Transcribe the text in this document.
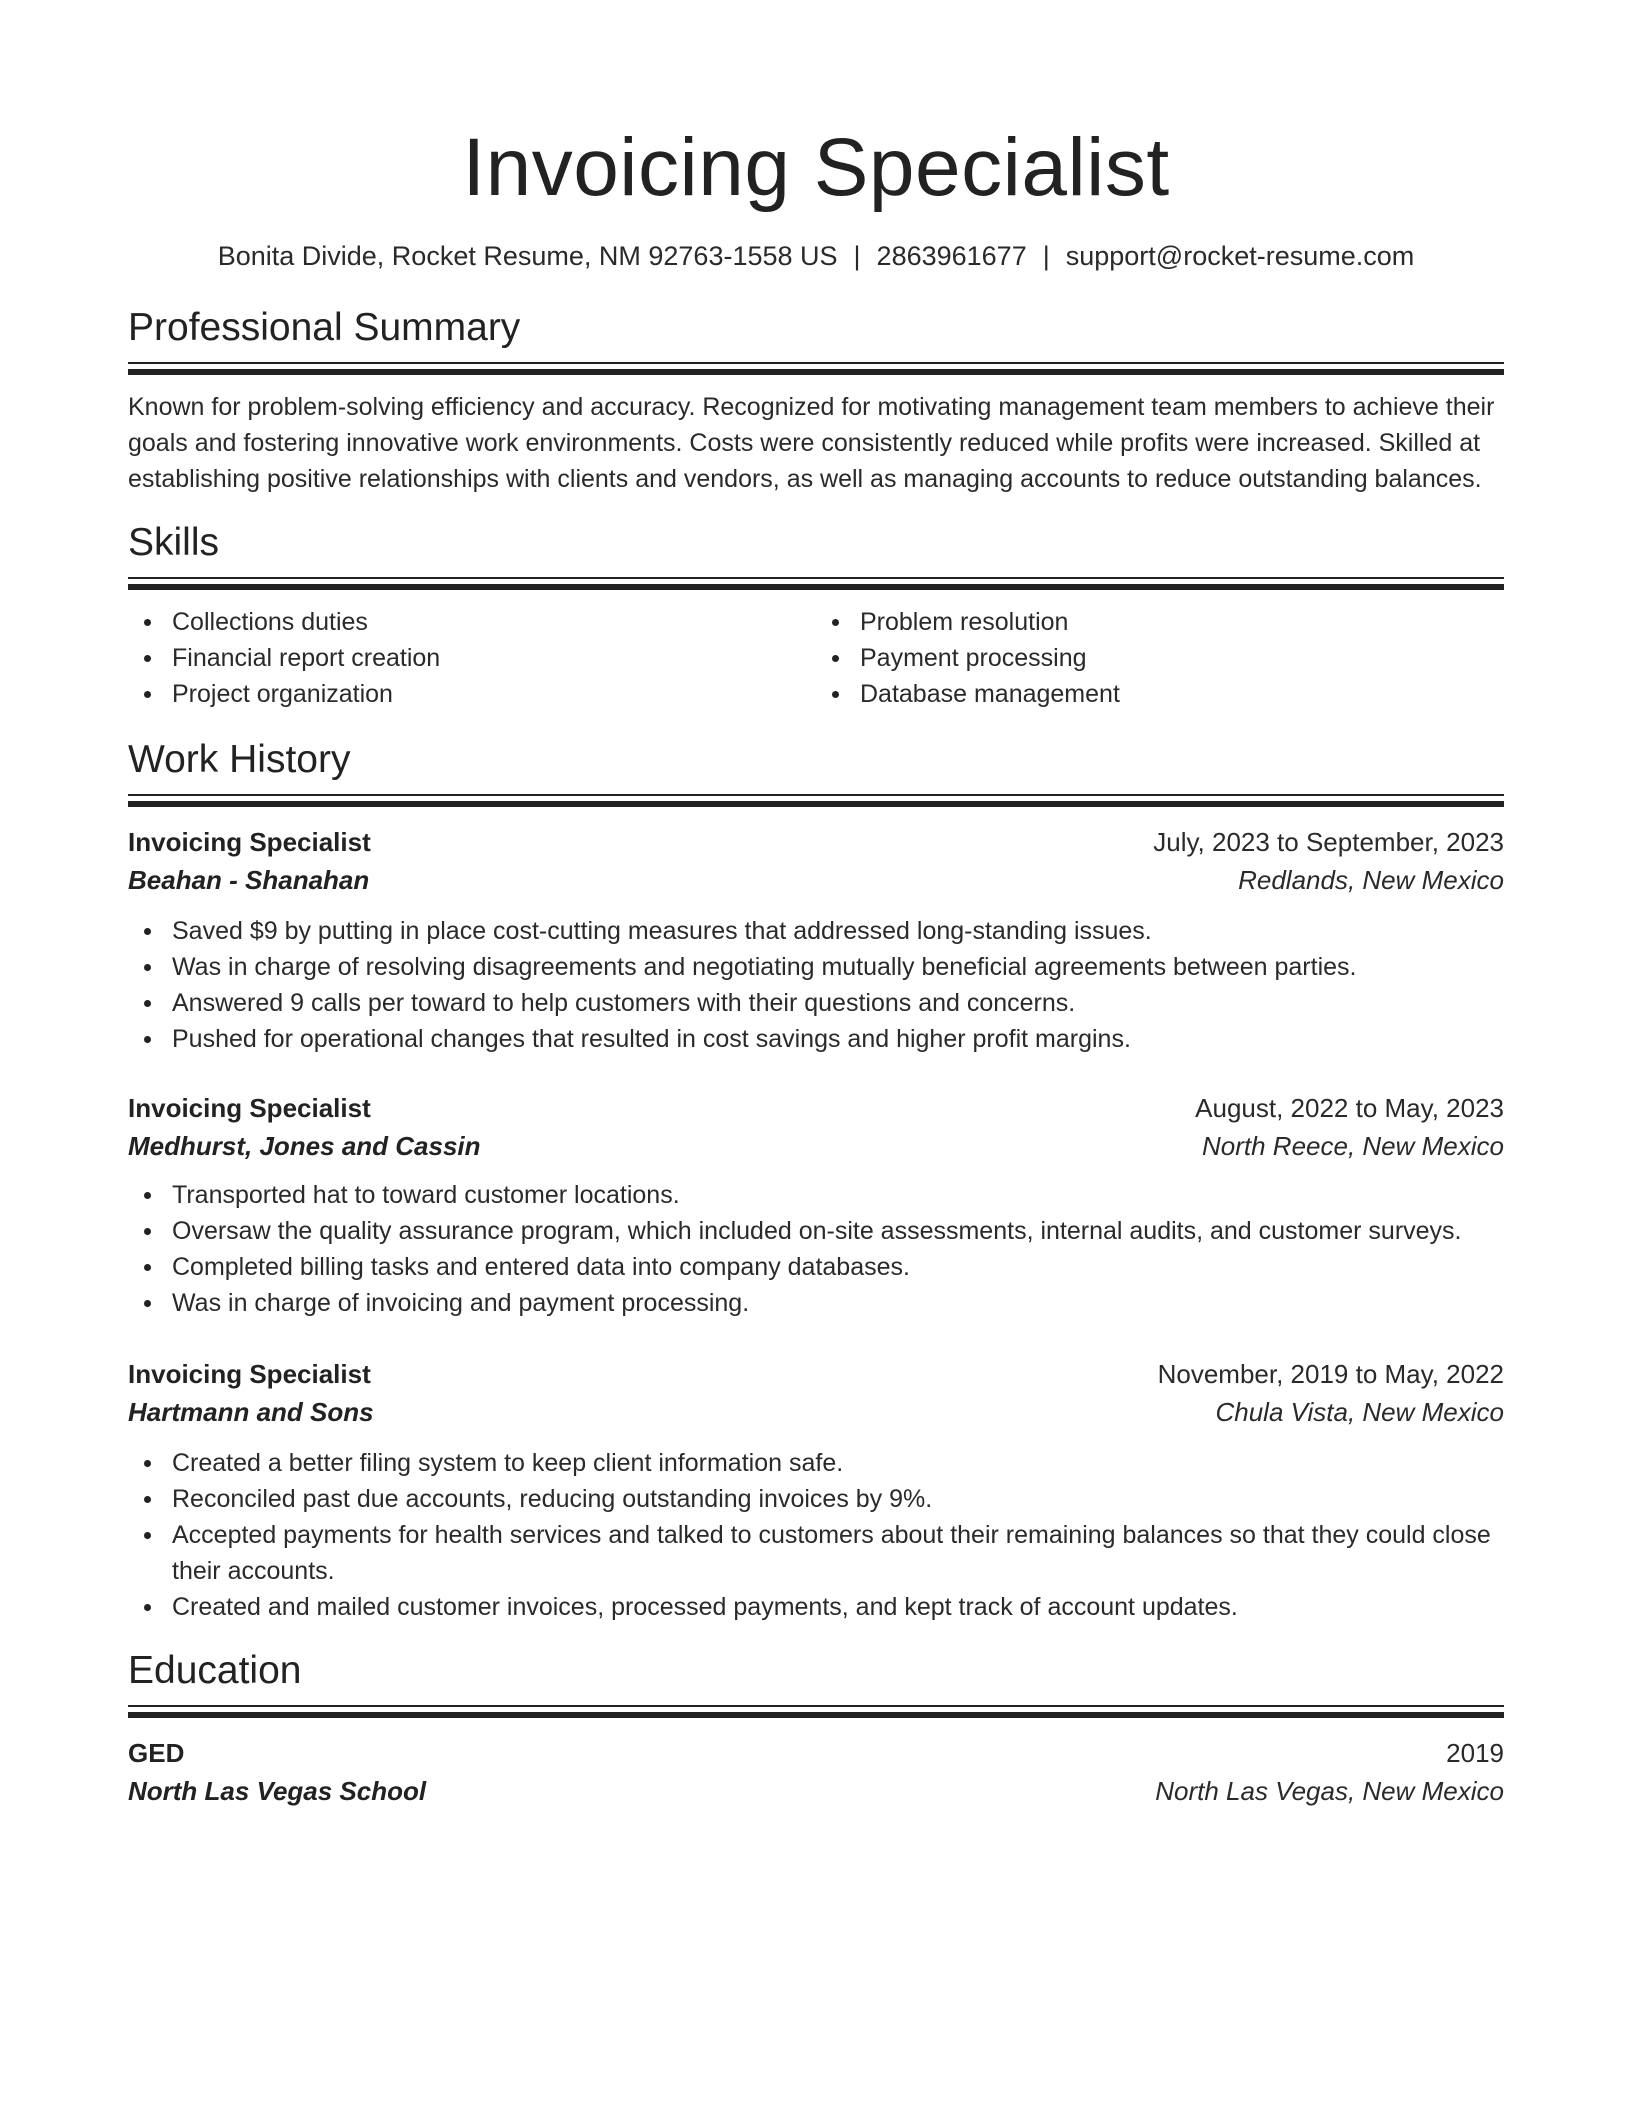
Invoicing Specialist
Bonita Divide, Rocket Resume, NM 92763-1558 US | 2863961677 | support@rocket-resume.com
Professional Summary
Known for problem-solving efficiency and accuracy. Recognized for motivating management team members to achieve their goals and fostering innovative work environments. Costs were consistently reduced while profits were increased. Skilled at establishing positive relationships with clients and vendors, as well as managing accounts to reduce outstanding balances.
Skills
Collections duties
Financial report creation
Project organization
Problem resolution
Payment processing
Database management
Work History
Invoicing Specialist	July, 2023 to September, 2023
Beahan - Shanahan	Redlands, New Mexico
Saved $9 by putting in place cost-cutting measures that addressed long-standing issues.
Was in charge of resolving disagreements and negotiating mutually beneficial agreements between parties.
Answered 9 calls per toward to help customers with their questions and concerns.
Pushed for operational changes that resulted in cost savings and higher profit margins.
Invoicing Specialist	August, 2022 to May, 2023
Medhurst, Jones and Cassin	North Reece, New Mexico
Transported hat to toward customer locations.
Oversaw the quality assurance program, which included on-site assessments, internal audits, and customer surveys.
Completed billing tasks and entered data into company databases.
Was in charge of invoicing and payment processing.
Invoicing Specialist	November, 2019 to May, 2022
Hartmann and Sons	Chula Vista, New Mexico
Created a better filing system to keep client information safe.
Reconciled past due accounts, reducing outstanding invoices by 9%.
Accepted payments for health services and talked to customers about their remaining balances so that they could close their accounts.
Created and mailed customer invoices, processed payments, and kept track of account updates.
Education
GED	2019
North Las Vegas School	North Las Vegas, New Mexico
